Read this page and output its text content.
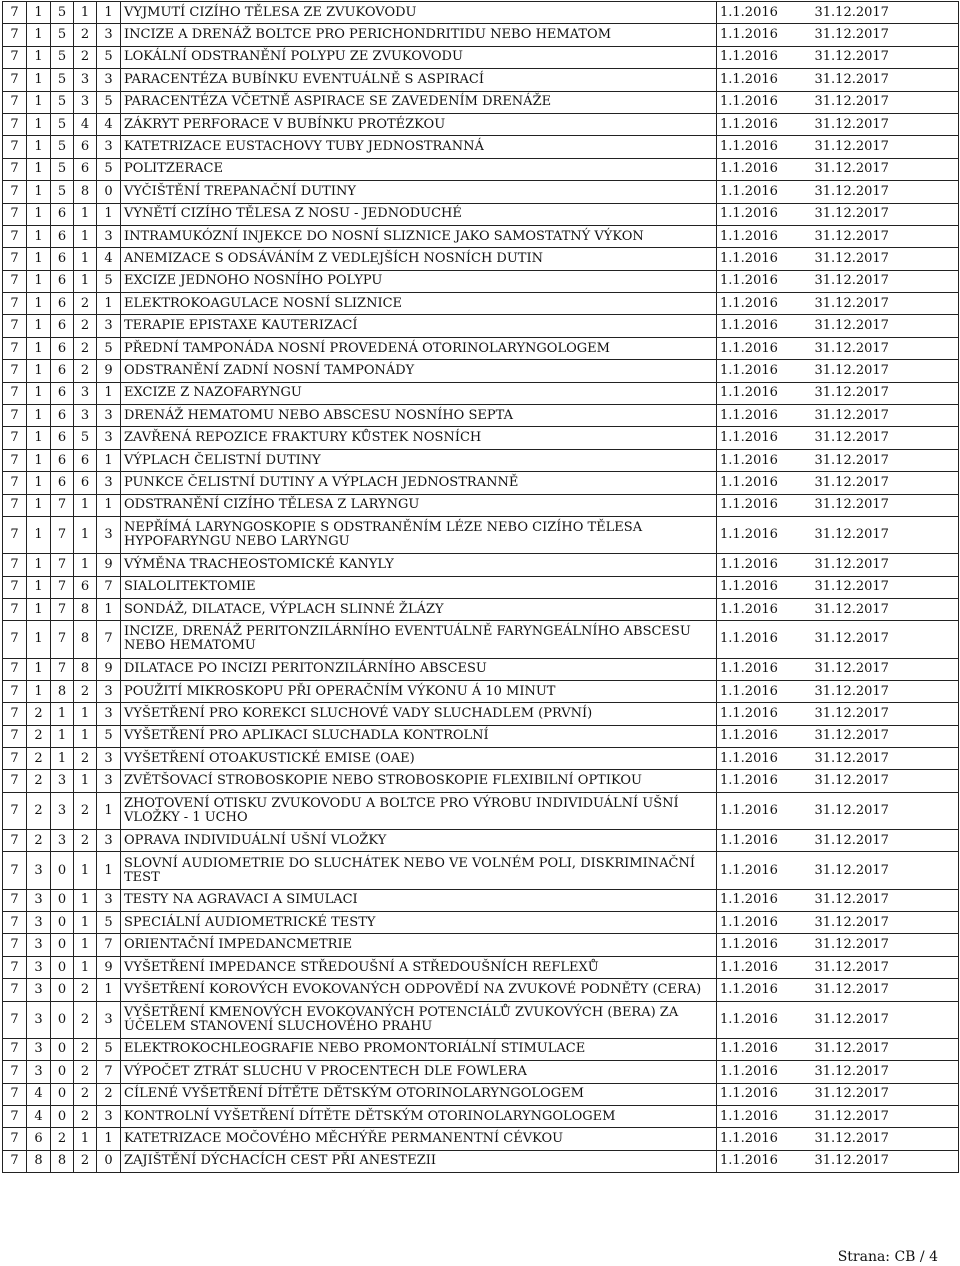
7	1	5	1	1	VYJMUTÍ CIZÍHO TĚLESA ZE ZVUKOVODU	1.1.2016	31.12.2017
7	1	5	2	3	INCIZE A DRENÁŽ BOLTCE PRO PERICHONDRITIDU NEBO HEMATOM	1.1.2016	31.12.2017
7	1	5	2	5	LOKÁLNÍ ODSTRANĚNÍ POLYPU ZE ZVUKOVODU	1.1.2016	31.12.2017
7	1	5	3	3	PARACENTÉZA BUBÍNKU EVENTUÁLNĚ S ASPIRACÍ	1.1.2016	31.12.2017
7	1	5	3	5	PARACENTÉZA VČETNĚ ASPIRACE SE ZAVEDENÍM DRENÁŽE	1.1.2016	31.12.2017
7	1	5	4	4	ZÁKRYT PERFORACE V BUBÍNKU PROTÉZKOU	1.1.2016	31.12.2017
7	1	5	6	3	KATETRIZACE EUSTACHOVY TUBY JEDNOSTRANNÁ	1.1.2016	31.12.2017
7	1	5	6	5	POLITZERACE	1.1.2016	31.12.2017
7	1	5	8	0	VYČIŠTĚNÍ TREPANAČNÍ DUTINY	1.1.2016	31.12.2017
7	1	6	1	1	VYNĚTÍ CIZÍHO TĚLESA Z NOSU - JEDNODUCHÉ	1.1.2016	31.12.2017
7	1	6	1	3	INTRAMUKÓZNÍ INJEKCE DO NOSNÍ SLIZNICE JAKO SAMOSTATNÝ VÝKON	1.1.2016	31.12.2017
7	1	6	1	4	ANEMIZACE S ODSÁVÁNÍM Z VEDLEJŠÍCH NOSNÍCH DUTIN	1.1.2016	31.12.2017
7	1	6	1	5	EXCIZE JEDNOHO NOSNÍHO POLYPU	1.1.2016	31.12.2017
7	1	6	2	1	ELEKTROKOAGULACE NOSNÍ SLIZNICE	1.1.2016	31.12.2017
7	1	6	2	3	TERAPIE EPISTAXE KAUTERIZACÍ	1.1.2016	31.12.2017
7	1	6	2	5	PŘEDNÍ TAMPONÁDA NOSNÍ PROVEDENÁ OTORINOLARYNGOLOGEM	1.1.2016	31.12.2017
7	1	6	2	9	ODSTRANĚNÍ ZADNÍ NOSNÍ TAMPONÁDY	1.1.2016	31.12.2017
7	1	6	3	1	EXCIZE Z NAZOFARYNGU	1.1.2016	31.12.2017
7	1	6	3	3	DRENÁŽ HEMATOMU NEBO ABSCESU NOSNÍHO SEPTA	1.1.2016	31.12.2017
7	1	6	5	3	ZAVŘENÁ REPOZICE FRAKTURY KŮSTEK NOSNÍCH	1.1.2016	31.12.2017
7	1	6	6	1	VÝPLACH ČELISTNÍ DUTINY	1.1.2016	31.12.2017
7	1	6	6	3	PUNKCE ČELISTNÍ DUTINY A VÝPLACH JEDNOSTRANNĚ	1.1.2016	31.12.2017
7	1	7	1	1	ODSTRANĚNÍ CIZÍHO TĚLESA Z LARYNGU	1.1.2016	31.12.2017
7	1	7	1	3	NEPŘÍMÁ LARYNGOSKOPIE S ODSTRANĚNÍM LÉZE NEBO CIZÍHO TĚLESA HYPOFARYNGU NEBO LARYNGU	1.1.2016	31.12.2017
7	1	7	1	9	VÝMĚNA TRACHEOSTOMICKÉ KANYLY	1.1.2016	31.12.2017
7	1	7	6	7	SIALOLITEKTOMIE	1.1.2016	31.12.2017
7	1	7	8	1	SONDÁŽ, DILATACE, VÝPLACH SLINNÉ ŽLÁZY	1.1.2016	31.12.2017
7	1	7	8	7	INCIZE, DRENÁŽ PERITONZILÁRNÍHO EVENTUÁLNĚ FARYNGEÁLNÍHO ABSCESU NEBO HEMATOMU	1.1.2016	31.12.2017
7	1	7	8	9	DILATACE PO INCIZI PERITONZILÁRNÍHO ABSCESU	1.1.2016	31.12.2017
7	1	8	2	3	POUŽITÍ MIKROSKOPU PŘI OPERAČNÍM VÝKONU Á 10 MINUT	1.1.2016	31.12.2017
7	2	1	1	3	VYŠETŘENÍ PRO KOREKCI SLUCHOVÉ VADY SLUCHADLEM (PRVNÍ)	1.1.2016	31.12.2017
7	2	1	1	5	VYŠETŘENÍ PRO APLIKACI SLUCHADLA KONTROLNÍ	1.1.2016	31.12.2017
7	2	1	2	3	VYŠETŘENÍ OTOAKUSTICKÉ EMISE (OAE)	1.1.2016	31.12.2017
7	2	3	1	3	ZVĚTŠOVACÍ STROBOSKOPIE NEBO STROBOSKOPIE FLEXIBILNÍ OPTIKOU	1.1.2016	31.12.2017
7	2	3	2	1	ZHOTOVENÍ OTISKU ZVUKOVODU A BOLTCE PRO VÝROBU INDIVIDUÁLNÍ UŠNÍ VLOŽKY - 1 UCHO	1.1.2016	31.12.2017
7	2	3	2	3	OPRAVA INDIVIDUÁLNÍ UŠNÍ VLOŽKY	1.1.2016	31.12.2017
7	3	0	1	1	SLOVNÍ AUDIOMETRIE DO SLUCHÁTEK NEBO VE VOLNÉM POLI, DISKRIMINAČNÍ TEST	1.1.2016	31.12.2017
7	3	0	1	3	TESTY NA AGRAVACI A SIMULACI	1.1.2016	31.12.2017
7	3	0	1	5	SPECIÁLNÍ AUDIOMETRICKÉ TESTY	1.1.2016	31.12.2017
7	3	0	1	7	ORIENTAČNÍ IMPEDANCMETRIE	1.1.2016	31.12.2017
7	3	0	1	9	VYŠETŘENÍ IMPEDANCE STŘEDOUŠNÍ A STŘEDOUŠNÍCH REFLEXŮ	1.1.2016	31.12.2017
7	3	0	2	1	VYŠETŘENÍ KOROVÝCH EVOKOVANÝCH ODPOVĚDÍ NA ZVUKOVÉ PODNĚTY (CERA)	1.1.2016	31.12.2017
7	3	0	2	3	VYŠETŘENÍ KMENOVÝCH EVOKOVANÝCH POTENCIÁLŮ ZVUKOVÝCH (BERA) ZA ÚČELEM STANOVENÍ SLUCHOVÉHO PRAHU	1.1.2016	31.12.2017
7	3	0	2	5	ELEKTROKOCHLEOGRAFIE NEBO PROMONTORIÁLNÍ STIMULACE	1.1.2016	31.12.2017
7	3	0	2	7	VÝPOČET ZTRÁT SLUCHU V PROCENTECH DLE FOWLERA	1.1.2016	31.12.2017
7	4	0	2	2	CÍLENÉ VYŠETŘENÍ DÍTĚTE DĚTSKÝM OTORINOLARYNGOLOGEM	1.1.2016	31.12.2017
7	4	0	2	3	KONTROLNÍ VYŠETŘENÍ DÍTĚTE DĚTSKÝM OTORINOLARYNGOLOGEM	1.1.2016	31.12.2017
7	6	2	1	1	KATETRIZACE MOČOVÉHO MĚCHÝŘE PERMANENTNÍ CÉVKOU	1.1.2016	31.12.2017
7	8	8	2	0	ZAJIŠTĚNÍ DÝCHACÍCH CEST PŘI ANESTEZII	1.1.2016	31.12.2017
Strana: CB / 4
